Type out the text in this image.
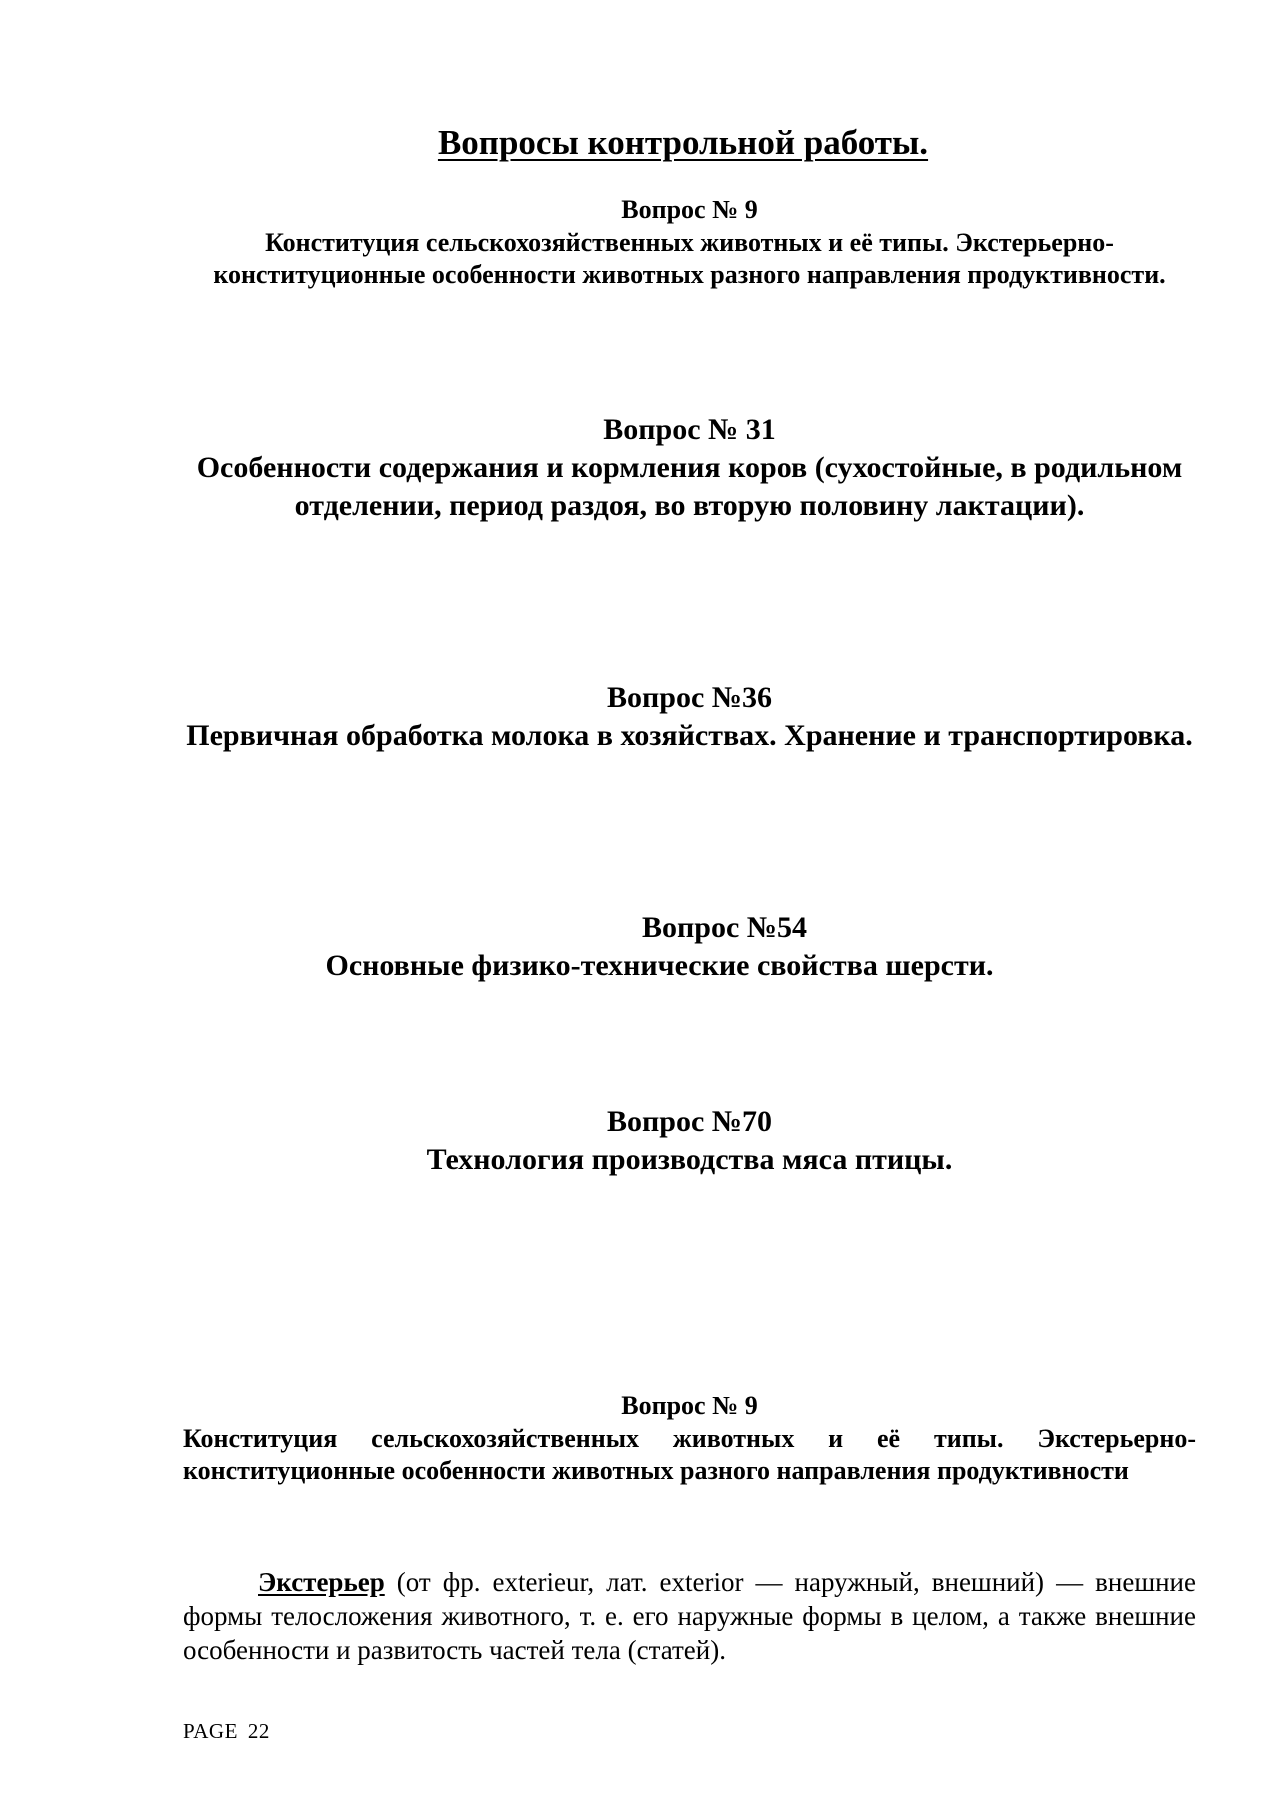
Вопросы контрольной работы.
Вопрос № 9
Конституция сельскохозяйственных животных и её типы. Экстерьерно-конституционные особенности животных разного направления продуктивности.
Вопрос № 31
Особенности содержания и кормления коров (сухостойные, в родильном отделении, период раздоя, во вторую половину лактации).
Вопрос №36
Первичная обработка молока в хозяйствах. Хранение и транспортировка.
Вопрос №54
Основные физико-технические свойства шерсти.
Вопрос №70
Технология производства мяса птицы.
Вопрос № 9
Конституция сельскохозяйственных животных и её типы. Экстерьерно-конституционные особенности животных разного направления продуктивности
Экстерьер (от фр. exterieur, лат. exterior — наружный, внешний) — внешние формы телосложения животного, т. е. его наружные формы в целом, а также внешние особенности и развитость частей тела (статей).
PAGE 22
